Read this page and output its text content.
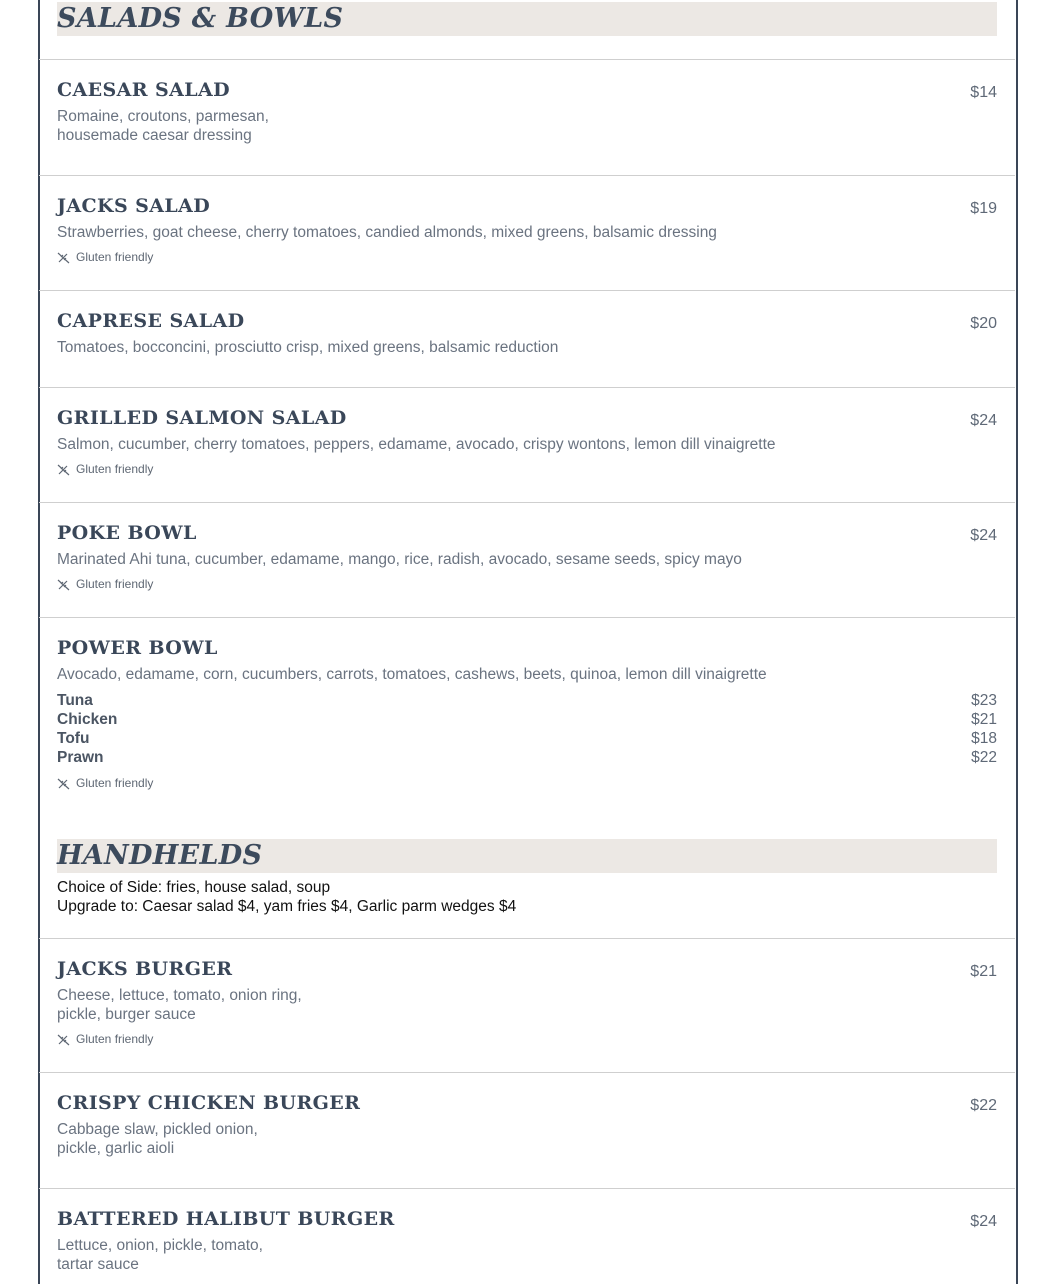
SALADS & BOWLS
CAESAR SALAD	$14
Romaine, croutons, parmesan,
housemade caesar dressing
JACKS SALAD	$19
Strawberries, goat cheese, cherry tomatoes, candied almonds, mixed greens, balsamic dressing
Gluten friendly
CAPRESE SALAD	$20
Tomatoes, bocconcini, prosciutto crisp, mixed greens, balsamic reduction
GRILLED SALMON SALAD	$24
Salmon, cucumber, cherry tomatoes, peppers, edamame, avocado, crispy wontons, lemon dill vinaigrette
Gluten friendly
POKE BOWL	$24
Marinated Ahi tuna, cucumber, edamame, mango, rice, radish, avocado, sesame seeds, spicy mayo
Gluten friendly
POWER BOWL
Avocado, edamame, corn, cucumbers, carrots, tomatoes, cashews, beets, quinoa, lemon dill vinaigrette
Tuna	$23
Chicken	$21
Tofu	$18
Prawn	$22
Gluten friendly
HANDHELDS
Choice of Side: fries, house salad, soup
Upgrade to: Caesar salad $4, yam fries $4, Garlic parm wedges $4
JACKS BURGER	$21
Cheese, lettuce, tomato, onion ring,
pickle, burger sauce
Gluten friendly
CRISPY CHICKEN BURGER	$22
Cabbage slaw, pickled onion,
pickle, garlic aioli
BATTERED HALIBUT BURGER	$24
Lettuce, onion, pickle, tomato,
tartar sauce
